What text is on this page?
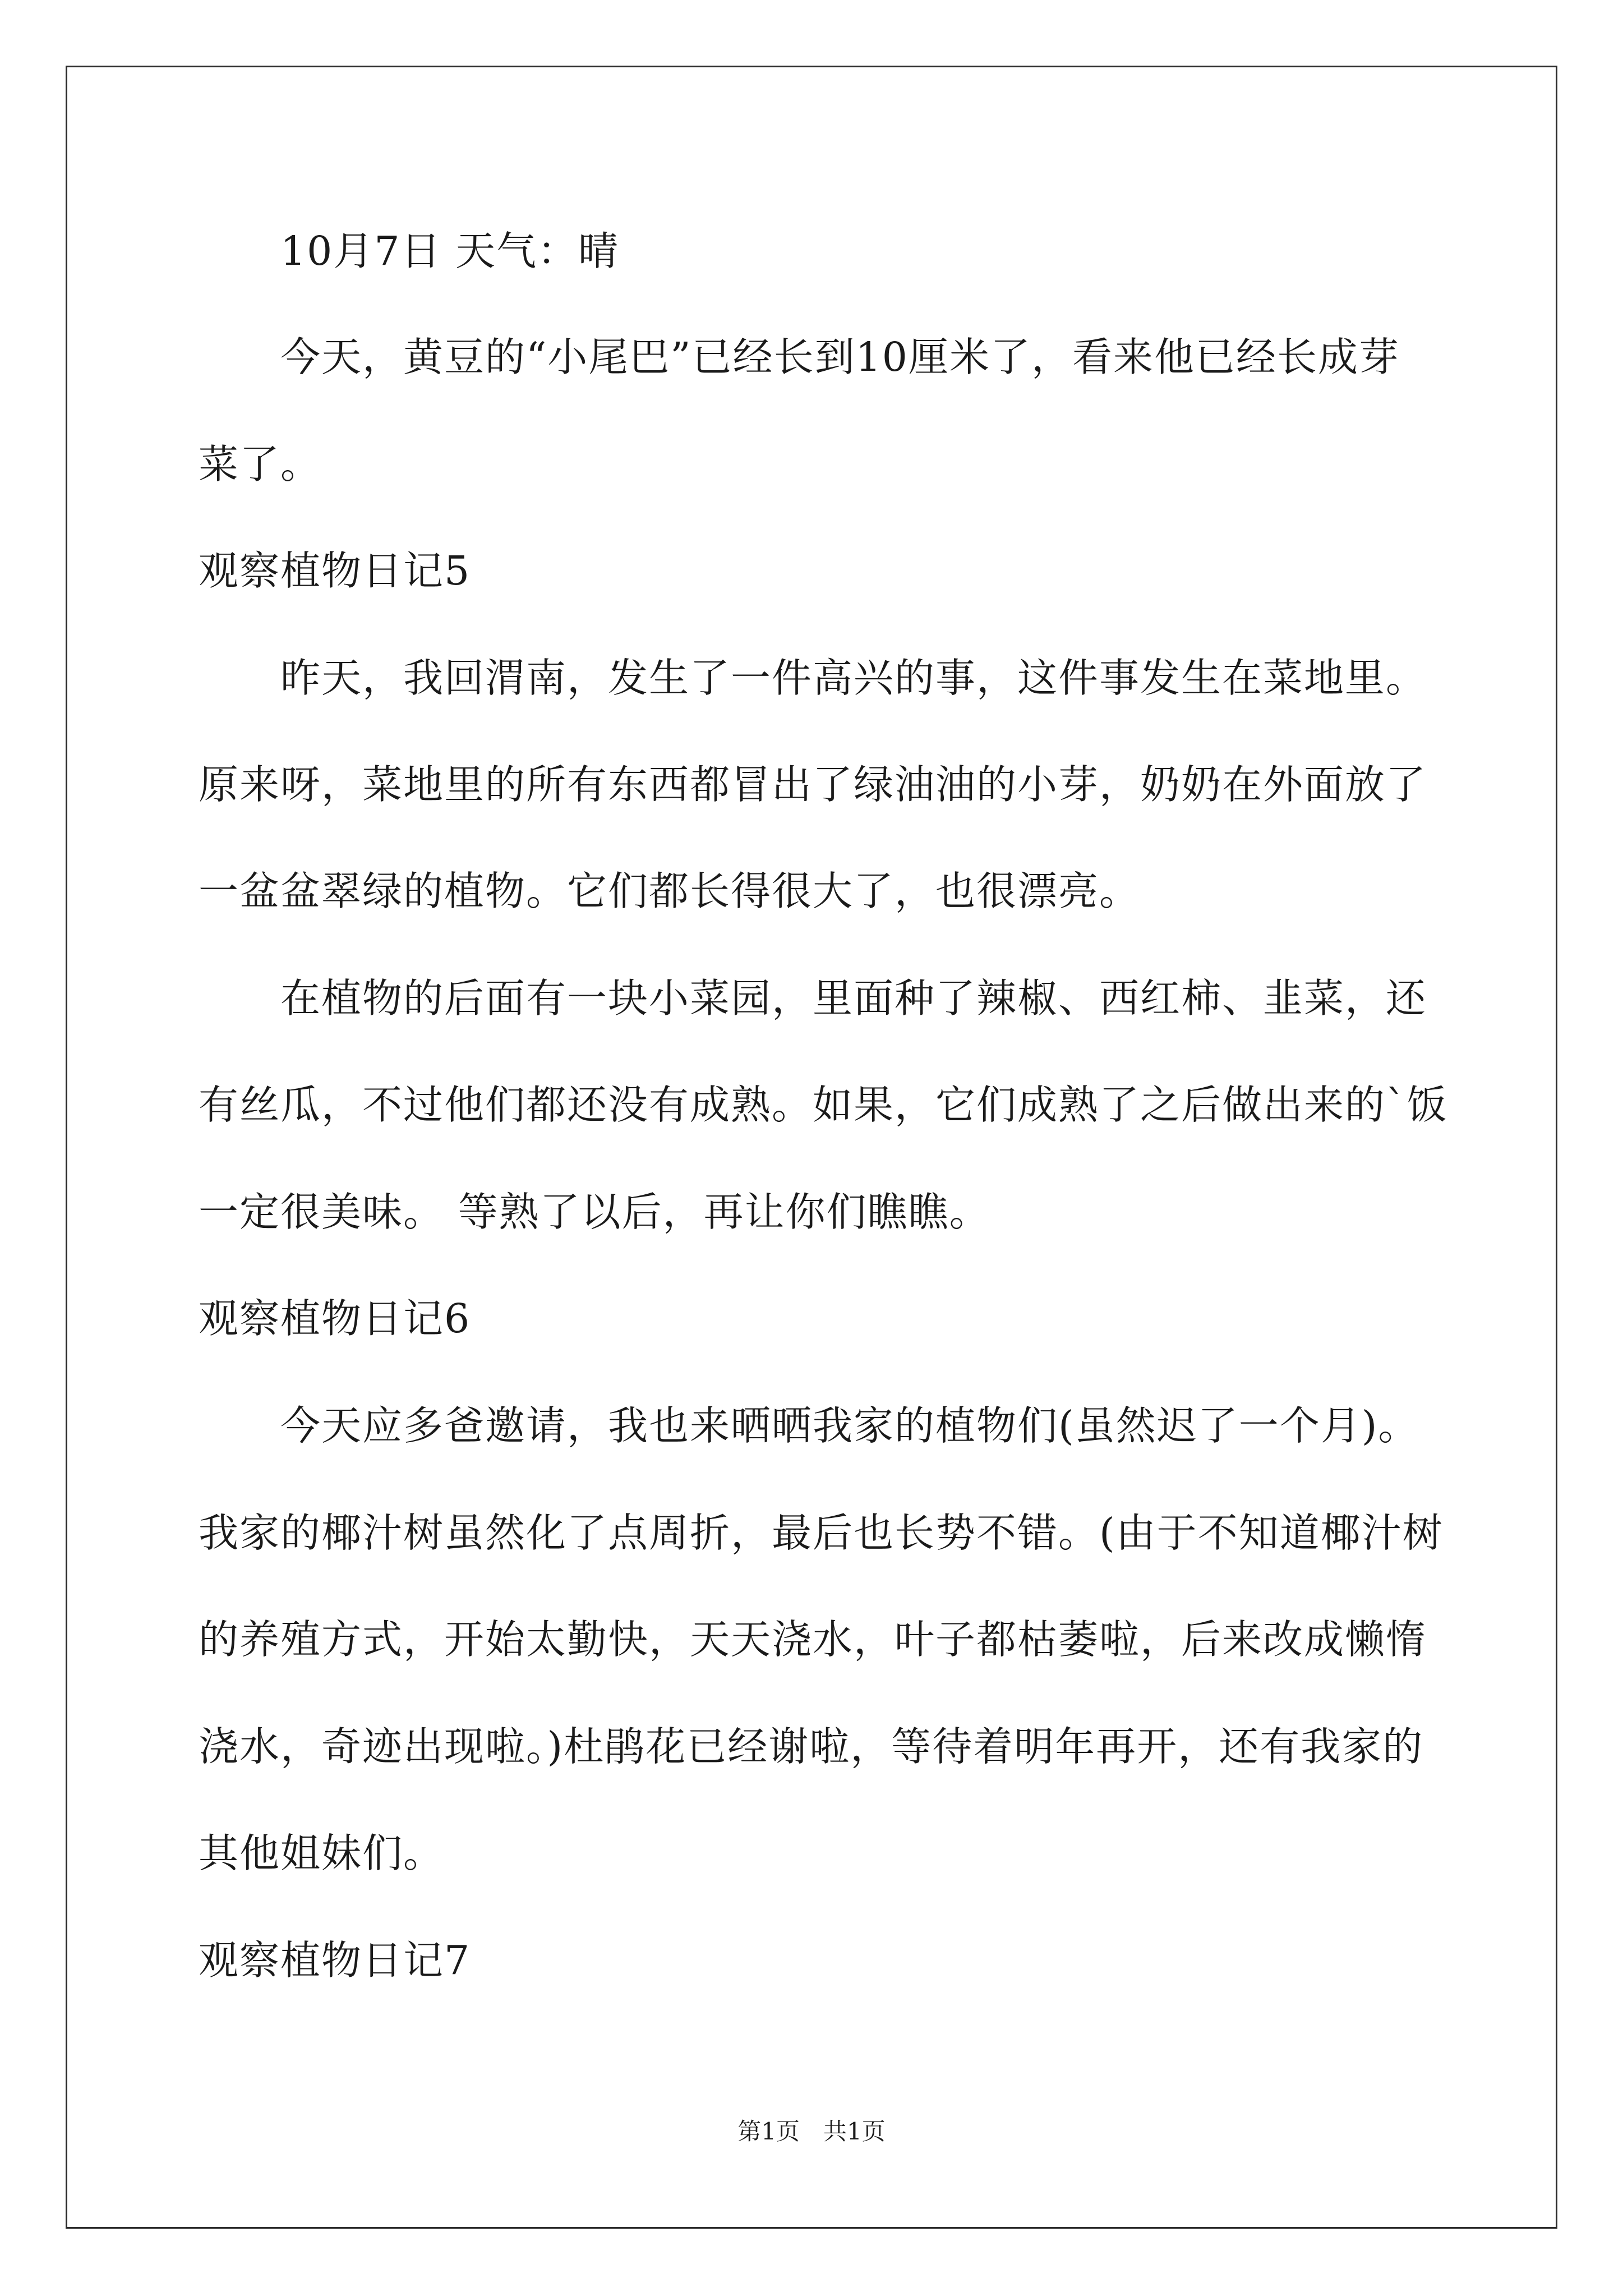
10月7日 天气：晴
今天，黄豆的“小尾巴”已经长到10厘米了，看来他已经长成芽
菜了。
观察植物日记5
昨天，我回渭南，发生了一件高兴的事，这件事发生在菜地里。
原来呀，菜地里的所有东西都冒出了绿油油的小芽，奶奶在外面放了
一盆盆翠绿的植物。它们都长得很大了，也很漂亮。
在植物的后面有一块小菜园，里面种了辣椒、西红柿、韭菜，还
有丝瓜，不过他们都还没有成熟。如果，它们成熟了之后做出来的`饭
一定很美味。 等熟了以后，再让你们瞧瞧。
观察植物日记6
今天应多爸邀请，我也来晒晒我家的植物们(虽然迟了一个月)。
我家的椰汁树虽然化了点周折，最后也长势不错。(由于不知道椰汁树
的养殖方式，开始太勤快，天天浇水，叶子都枯萎啦，后来改成懒惰
浇水，奇迹出现啦。)杜鹃花已经谢啦，等待着明年再开，还有我家的
其他姐妹们。
观察植物日记7
第1页　共1页
